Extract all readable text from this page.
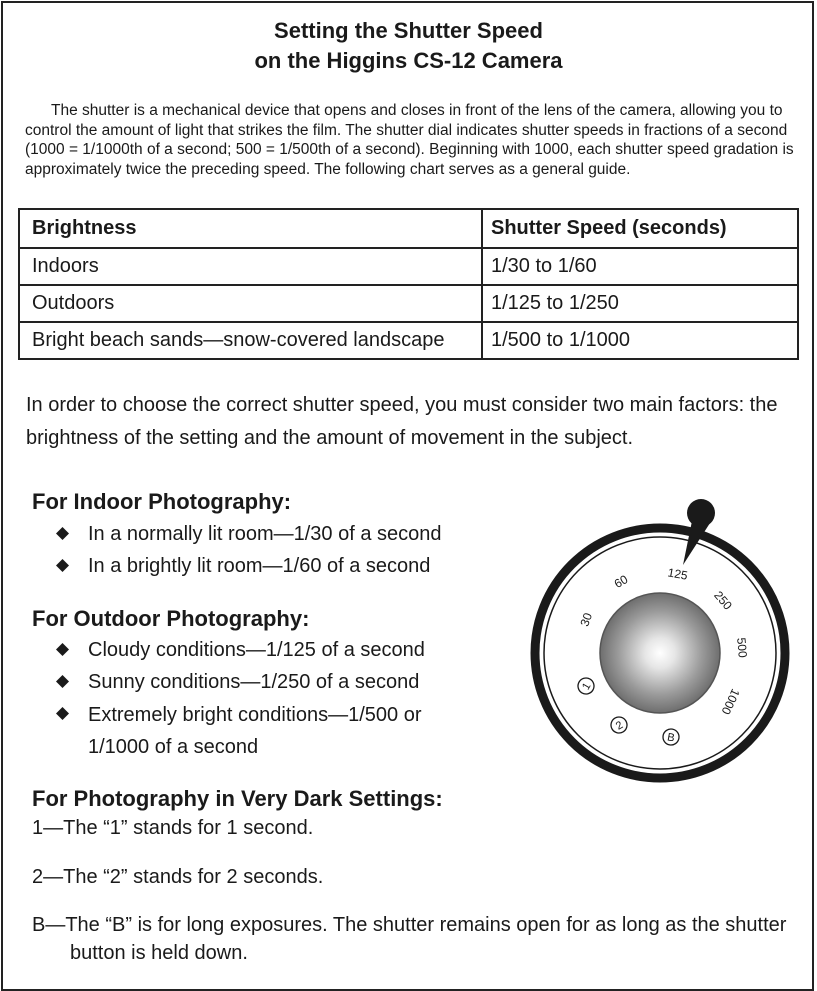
Setting the Shutter Speed
on the Higgins CS-12 Camera

The shutter is a mechanical device that opens and closes in front of the lens of the camera, allowing you to control the amount of light that strikes the film. The shutter dial indicates shutter speeds in fractions of a second (1000 = 1/1000th of a second; 500 = 1/500th of a second). Beginning with 1000, each shutter speed gradation is approximately twice the preceding speed. The following chart serves as a general guide.

Brightness	Shutter Speed (seconds)
Indoors	1/30 to 1/60
Outdoors	1/125 to 1/250
Bright beach sands—snow-covered landscape	1/500 to 1/1000

In order to choose the correct shutter speed, you must consider two main factors: the brightness of the setting and the amount of movement in the subject.

For Indoor Photography:
In a normally lit room—1/30 of a second
In a brightly lit room—1/60 of a second
For Outdoor Photography:
Cloudy conditions—1/125 of a second
Sunny conditions—1/250 of a second
Extremely bright conditions—1/500 or 1/1000 of a second
For Photography in Very Dark Settings:
1—The “1” stands for 1 second.
2—The “2” stands for 2 seconds.
B—The “B” is for long exposures. The shutter remains open for as long as the shutter button is held down.
30
60	125
250
500
1000
1
2
B
